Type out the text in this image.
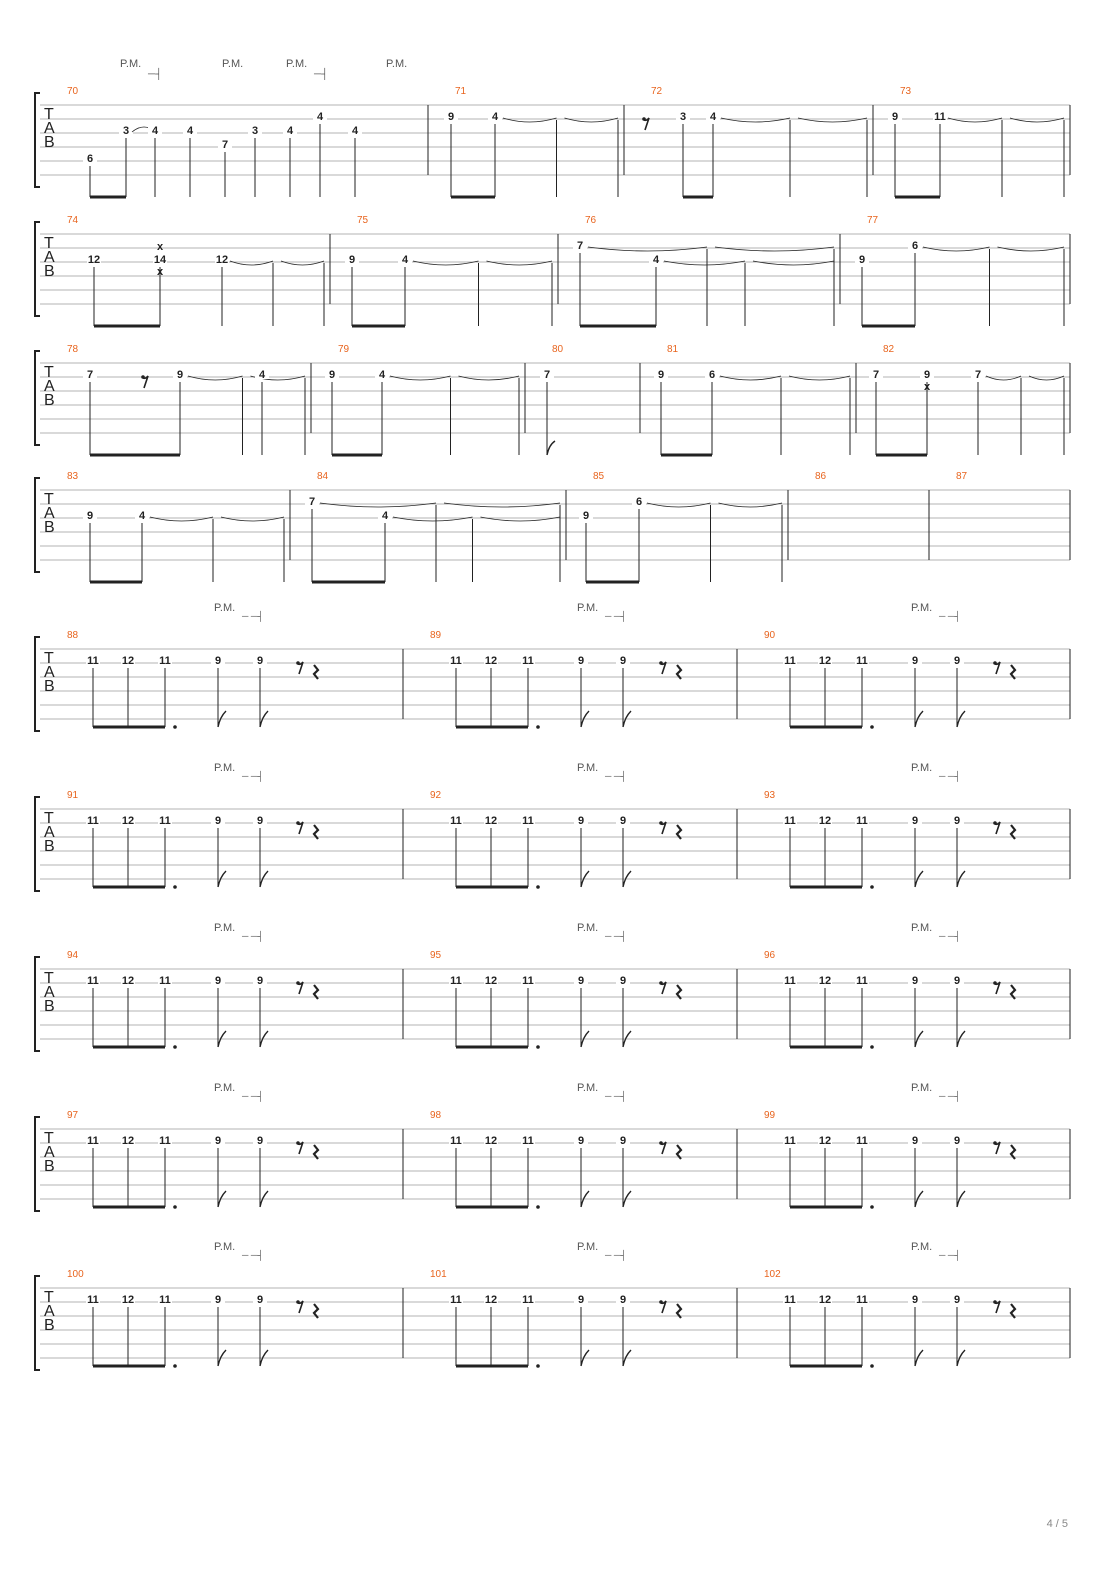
T
A
B
70
6
3 4	4
7
3	4
4
4
P.M.
─┤
P.M.	P.M.
─┤
P.M.
71
9	4
72
3 4
73
9	11
T
A
B
74
12	14
x
x
12
75
9	4
76
7
4
77
9
6
T
A
B
78
7	9	4
79
9	4
80
7
81
9	6
82
7	9
x
7
T
A
B
83
9	4
84
7
4
85
9
6
86	87
T
A
B
88
P.M.
─ ─┤
11 12 11	9	9
89
P.M.
─ ─┤
11 12 11	9	9
90
P.M.
─ ─┤
11 12 11	9	9
T
A
B
91
P.M.
─ ─┤
11 12 11	9	9
92
P.M.
─ ─┤
11 12 11	9	9
93
P.M.
─ ─┤
11 12 11	9	9
T
A
B
94
P.M.
─ ─┤
11 12 11	9	9
95
P.M.
─ ─┤
11 12 11	9	9
96
P.M.
─ ─┤
11 12 11	9	9
T
A
B
97
P.M.
─ ─┤
11 12 11	9	9
98
P.M.
─ ─┤
11 12 11	9	9
99
P.M.
─ ─┤
11 12 11	9	9
T
A
B
100
P.M.
─ ─┤
11 12 11	9	9
101
P.M.
─ ─┤
11 12 11	9	9
102
P.M.
─ ─┤
11 12 11	9	9
4 / 5
